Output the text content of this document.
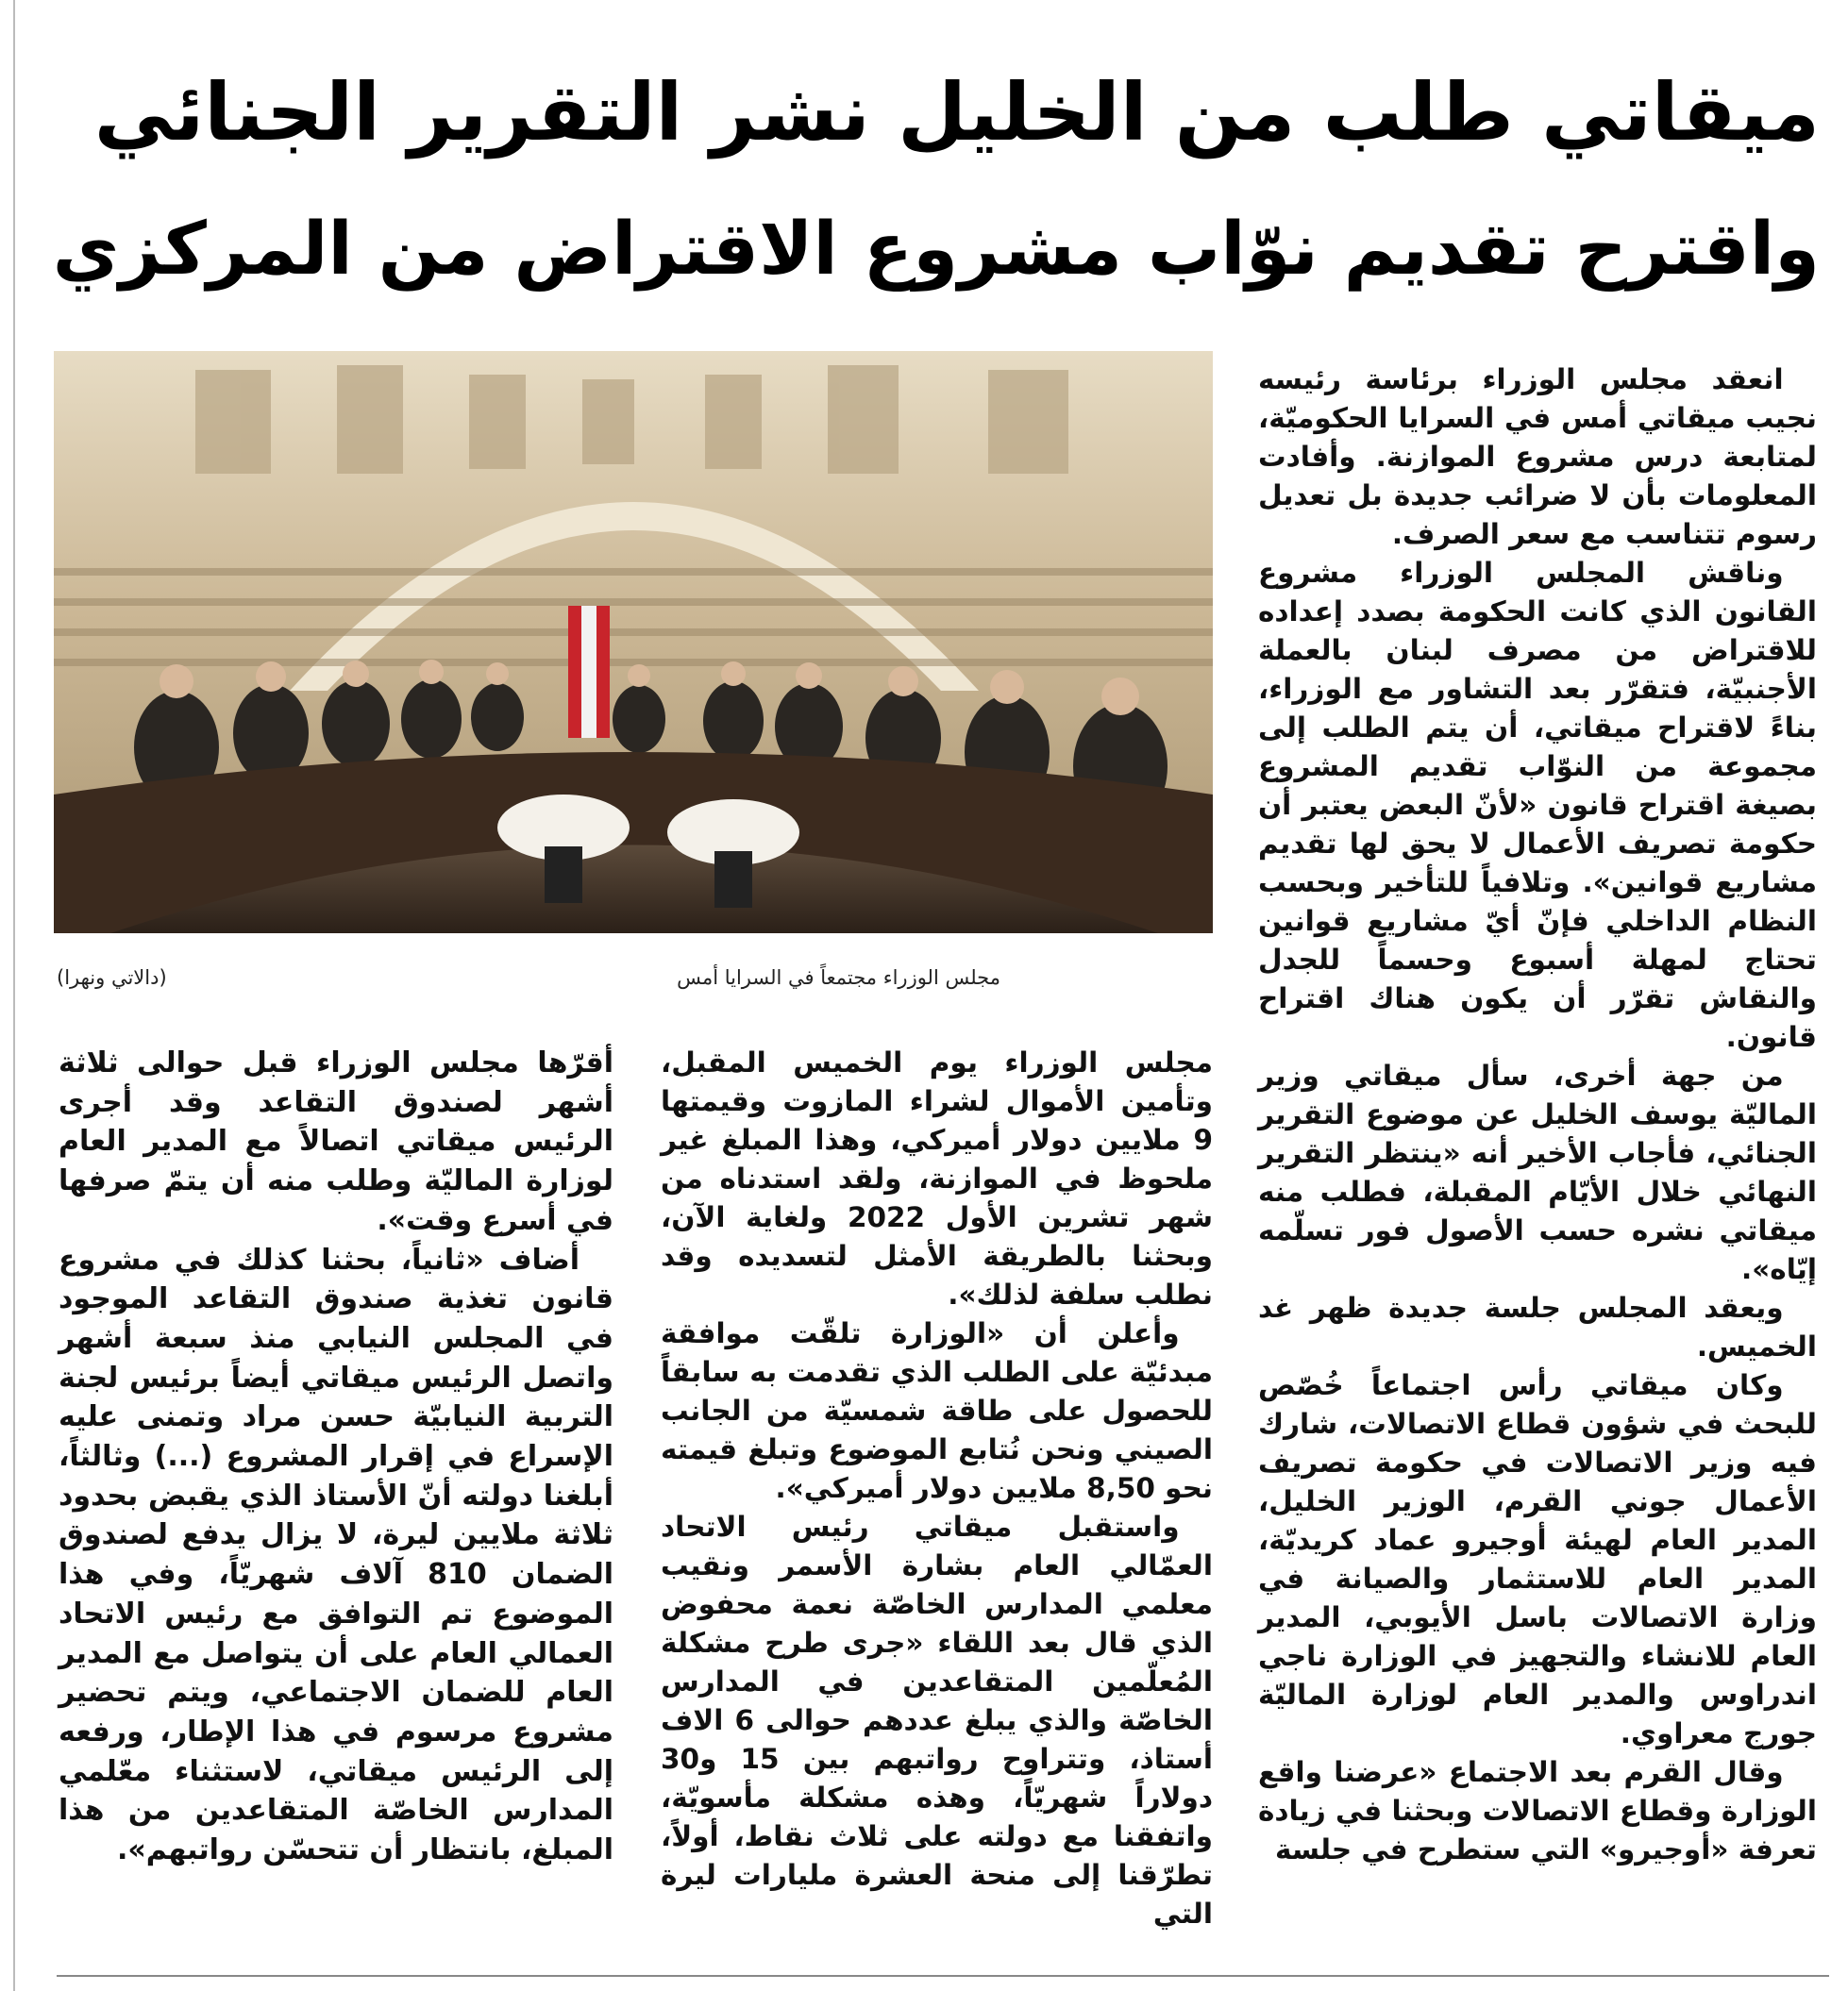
ميقاتي طلب من الخليل نشر التقرير الجنائي
واقترح تقديم نوّاب مشروع الاقتراض من المركزي
مجلس الوزراء مجتمعاً في السرايا أمس
(دالاتي ونهرا)

انعقد مجلس الوزراء برئاسة رئيسه نجيب ميقاتي أمس في السرايا الحكوميّة، لمتابعة درس مشروع الموازنة. وأفادت المعلومات بأن لا ضرائب جديدة بل تعديل رسوم تتناسب مع سعر الصرف.

وناقش المجلس الوزراء مشروع القانون الذي كانت الحكومة بصدد إعداده للاقتراض من مصرف لبنان بالعملة الأجنبيّة، فتقرّر بعد التشاور مع الوزراء، بناءً لاقتراح ميقاتي، أن يتم الطلب إلى مجموعة من النوّاب تقديم المشروع بصيغة اقتراح قانون «لأنّ البعض يعتبر أن حكومة تصريف الأعمال لا يحق لها تقديم مشاريع قوانين». وتلافياً للتأخير وبحسب النظام الداخلي فإنّ أيّ مشاريع قوانين تحتاج لمهلة أسبوع وحسماً للجدل والنقاش تقرّر أن يكون هناك اقتراح قانون.

من جهة أخرى، سأل ميقاتي وزير الماليّة يوسف الخليل عن موضوع التقرير الجنائي، فأجاب الأخير أنه «ينتظر التقرير النهائي خلال الأيّام المقبلة، فطلب منه ميقاتي نشره حسب الأصول فور تسلّمه إيّاه».

ويعقد المجلس جلسة جديدة ظهر غد الخميس.

وكان ميقاتي رأس اجتماعاً خُصّص للبحث في شؤون قطاع الاتصالات، شارك فيه وزير الاتصالات في حكومة تصريف الأعمال جوني القرم، الوزير الخليل، المدير العام لهيئة أوجيرو عماد كريديّة، المدير العام للاستثمار والصيانة في وزارة الاتصالات باسل الأيوبي، المدير العام للانشاء والتجهيز في الوزارة ناجي اندراوس والمدير العام لوزارة الماليّة جورج معراوي.

وقال القرم بعد الاجتماع «عرضنا واقع الوزارة وقطاع الاتصالات وبحثنا في زيادة تعرفة «أوجيرو» التي ستطرح في جلسة

مجلس الوزراء يوم الخميس المقبل، وتأمين الأموال لشراء المازوت وقيمتها 9 ملايين دولار أميركي، وهذا المبلغ غير ملحوظ في الموازنة، ولقد استدناه من شهر تشرين الأول 2022 ولغاية الآن، وبحثنا بالطريقة الأمثل لتسديده وقد نطلب سلفة لذلك».

وأعلن أن «الوزارة تلقّت موافقة مبدئيّة على الطلب الذي تقدمت به سابقاً للحصول على طاقة شمسيّة من الجانب الصيني ونحن نُتابع الموضوع وتبلغ قيمته نحو 8,50 ملايين دولار أميركي».

واستقبل ميقاتي رئيس الاتحاد العمّالي العام بشارة الأسمر ونقيب معلمي المدارس الخاصّة نعمة محفوض الذي قال بعد اللقاء «جرى طرح مشكلة المُعلّمين المتقاعدين في المدارس الخاصّة والذي يبلغ عددهم حوالى 6 الاف أستاذ، وتتراوح رواتبهم بين 15 و30 دولاراً شهريّاً، وهذه مشكلة مأسويّة، واتفقنا مع دولته على ثلاث نقاط، أولاً، تطرّقنا إلى منحة العشرة مليارات ليرة التي

أقرّها مجلس الوزراء قبل حوالى ثلاثة أشهر لصندوق التقاعد وقد أجرى الرئيس ميقاتي اتصالاً مع المدير العام لوزارة الماليّة وطلب منه أن يتمّ صرفها في أسرع وقت».

أضاف «ثانياً، بحثنا كذلك في مشروع قانون تغذية صندوق التقاعد الموجود في المجلس النيابي منذ سبعة أشهر واتصل الرئيس ميقاتي أيضاً برئيس لجنة التربية النيابيّة حسن مراد وتمنى عليه الإسراع في إقرار المشروع (...) وثالثاً، أبلغنا دولته أنّ الأستاذ الذي يقبض بحدود ثلاثة ملايين ليرة، لا يزال يدفع لصندوق الضمان 810 آلاف شهريّاً، وفي هذا الموضوع تم التوافق مع رئيس الاتحاد العمالي العام على أن يتواصل مع المدير العام للضمان الاجتماعي، ويتم تحضير مشروع مرسوم في هذا الإطار، ورفعه إلى الرئيس ميقاتي، لاستثناء معّلمي المدارس الخاصّة المتقاعدين من هذا المبلغ، بانتظار أن تتحسّن رواتبهم».
